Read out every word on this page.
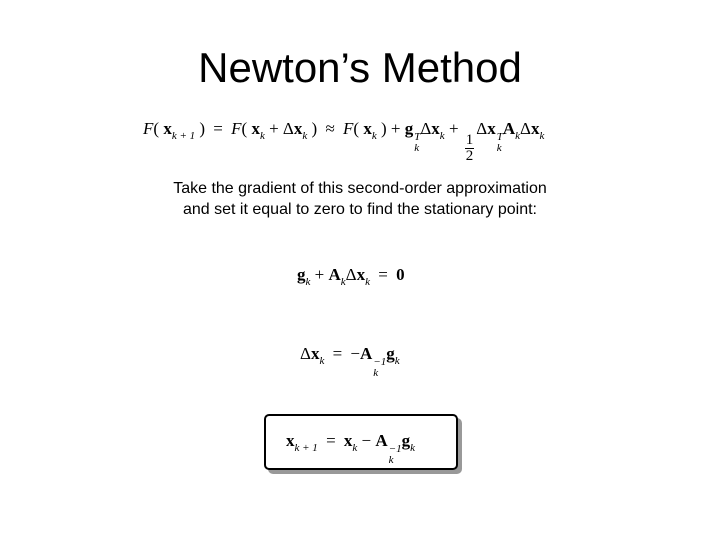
Newton’s Method
F( $x_{k + 1}$ ) = F( $x_k + \Delta x_k$ ) ≈ F( $x_k$ ) + g T
k
$\Delta x_k$ +
$\frac{1}{2}$
Δx T
k
$A_k\Delta x_k$
Take the gradient of this second-order approximation
and set it equal to zero to find the stationary point:
$g_k + A_k\Delta x_k = 0$
$\Delta x_k = -A -1$
k
$g_k$
$x_{k + 1} = x_k - A -1$
k
$g_k$
